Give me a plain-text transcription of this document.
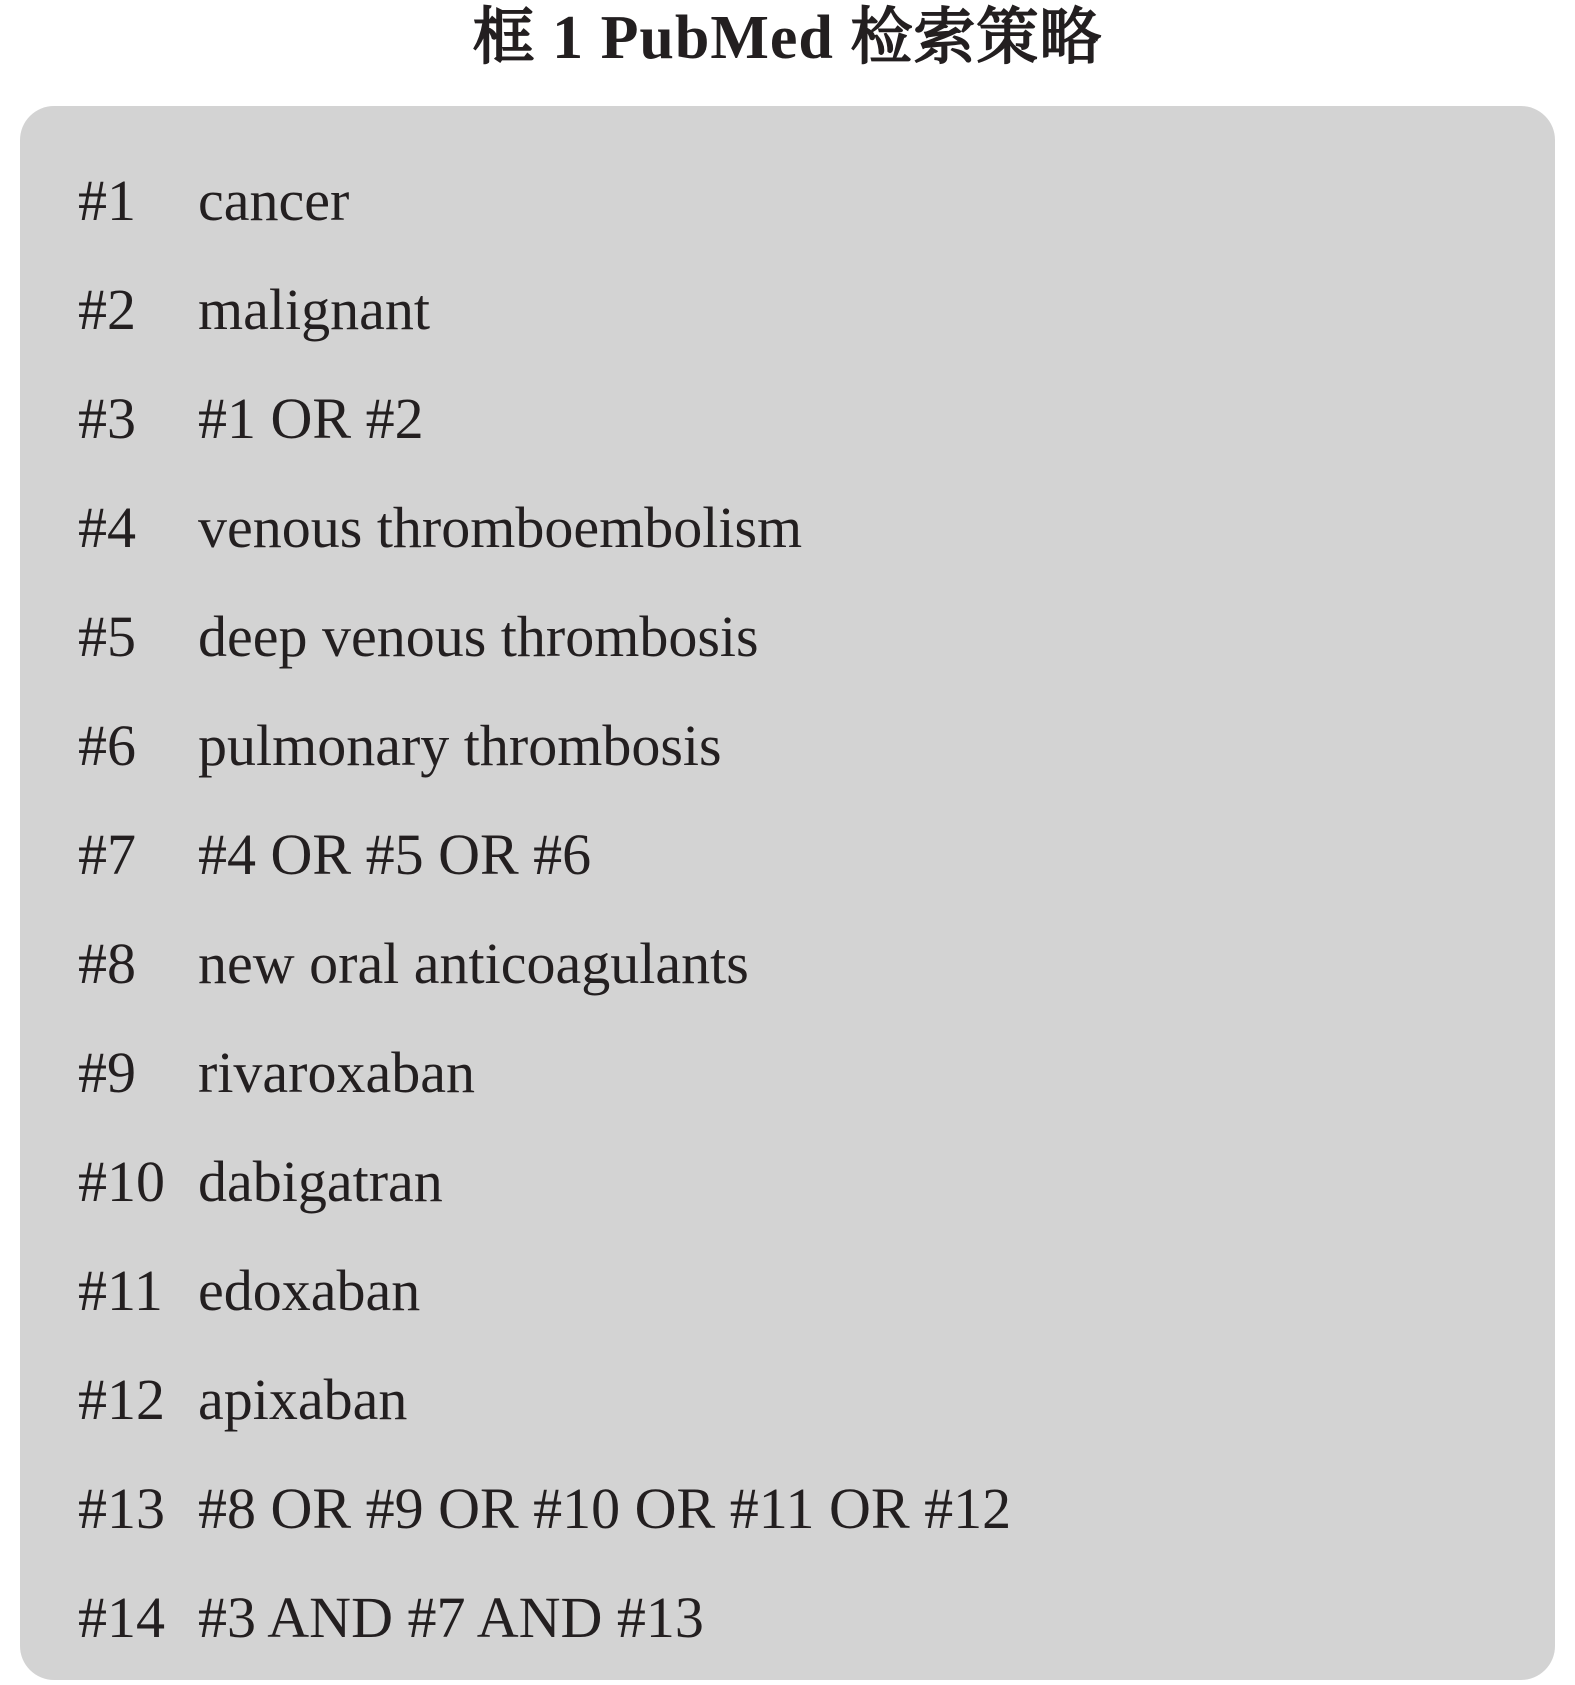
框 1 PubMed 检索策略
#1	cancer
#2	malignant
#3	#1 OR #2
#4	venous thromboembolism
#5	deep venous thrombosis
#6	pulmonary thrombosis
#7	#4 OR #5 OR #6
#8	new oral anticoagulants
#9	rivaroxaban
#10 dabigatran
#11 edoxaban
#12 apixaban
#13 #8 OR #9 OR #10 OR #11 OR #12
#14 #3 AND #7 AND #13
